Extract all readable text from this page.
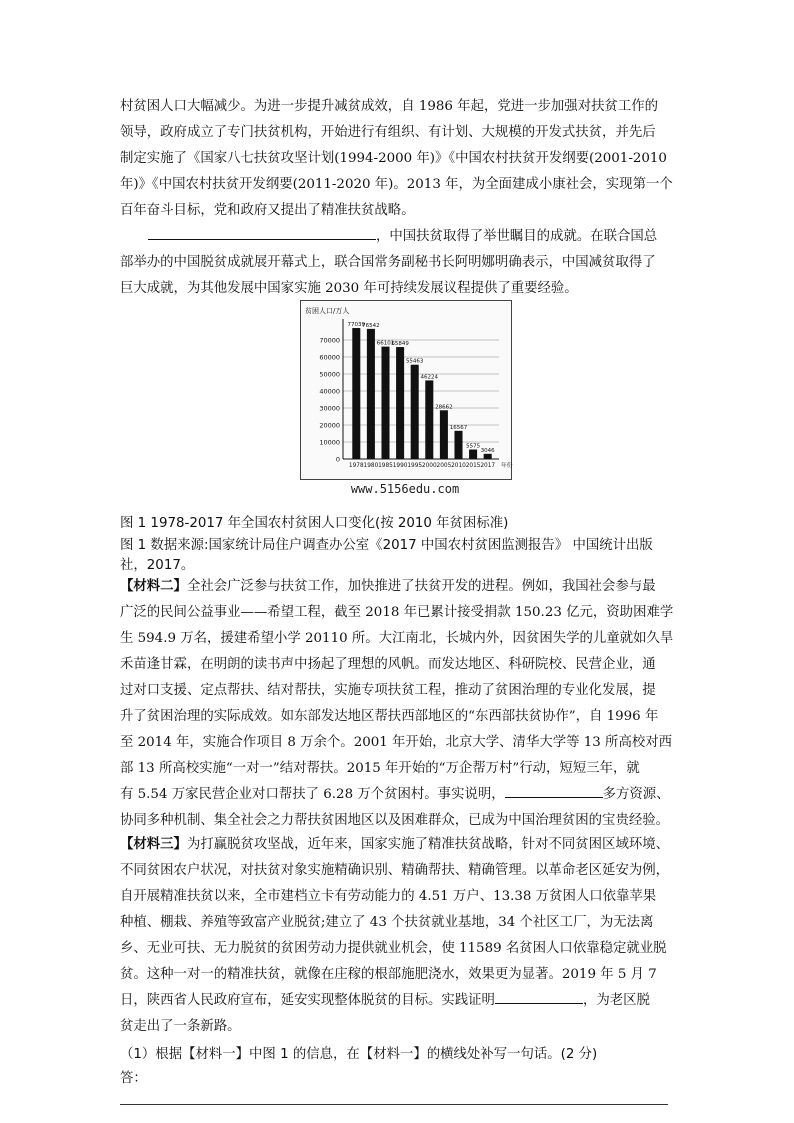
村贫困人口大幅减少。为进一步提升减贫成效，自 1986 年起，党进一步加强对扶贫工作的

领导，政府成立了专门扶贫机构，开始进行有组织、有计划、大规模的开发式扶贫，并先后

制定实施了《国家八七扶贫攻坚计划(1994-2000 年)》《中国农村扶贫开发纲要(2001-2010

年)》《中国农村扶贫开发纲要(2011-2020 年)。2013 年，为全面建成小康社会，实现第一个

百年奋斗目标，党和政府又提出了精准扶贫战略。

，中国扶贫取得了举世瞩目的成就。在联合国总

部举办的中国脱贫成就展开幕式上，联合国常务副秘书长阿明娜明确表示，中国减贫取得了

巨大成就，为其他发展中国家实施 2030 年可持续发展议程提供了重要经验。

贫困人口/万人
0
10000
20000
30000
40000
50000
60000
70000
77039
1978
76542
1980
66101
1985
65849
1990
55463
1995
46224
2000
28662
2005
16567
2010
5575
2015
3046
2017 年份
www.5156edu.com
图 1 1978-2017 年全国农村贫困人口变化(按 2010 年贫困标准)
图 1 数据来源:国家统计局住户调查办公室《2017 中国农村贫困监测报告》 中国统计出版
社，2017。

【材料二】全社会广泛参与扶贫工作，加快推进了扶贫开发的进程。例如，我国社会参与最

广泛的民间公益事业——希望工程，截至 2018 年已累计接受捐款 150.23 亿元，资助困难学

生 594.9 万名，援建希望小学 20110 所。大江南北，长城内外，因贫困失学的儿童就如久旱

禾苗逢甘霖，在明朗的读书声中扬起了理想的风帆。而发达地区、科研院校、民营企业，通

过对口支援、定点帮扶、结对帮扶，实施专项扶贫工程，推动了贫困治理的专业化发展，提

升了贫困治理的实际成效。如东部发达地区帮扶西部地区的“东西部扶贫协作”，自 1996 年

至 2014 年，实施合作项目 8 万余个。2001 年开始，北京大学、清华大学等 13 所高校对西

部 13 所高校实施“一对一”结对帮扶。2015 年开始的“万企帮万村”行动，短短三年，就

有 5.54 万家民营企业对口帮扶了 6.28 万个贫困村。事实说明，	多方资源、

协同多种机制、集全社会之力帮扶贫困地区以及困难群众，已成为中国治理贫困的宝贵经验。

【材料三】为打赢脱贫攻坚战，近年来，国家实施了精准扶贫战略，针对不同贫困区域环境、

不同贫困农户状况，对扶贫对象实施精确识别、精确帮扶、精确管理。以革命老区延安为例，

自开展精准扶贫以来，全市建档立卡有劳动能力的 4.51 万户、13.38 万贫困人口依靠苹果

种植、棚栽、养殖等致富产业脱贫;建立了 43 个扶贫就业基地，34 个社区工厂，为无法离

乡、无业可扶、无力脱贫的贫困劳动力提供就业机会，使 11589 名贫困人口依靠稳定就业脱

贫。这种一对一的精准扶贫，就像在庄稼的根部施肥浇水，效果更为显著。2019 年 5 月 7

日，陕西省人民政府宣布，延安实现整体脱贫的目标。实践证明	，为老区脱

贫走出了一条新路。

（1）根据【材料一】中图 1 的信息，在【材料一】的横线处补写一句话。(2 分)

答：
